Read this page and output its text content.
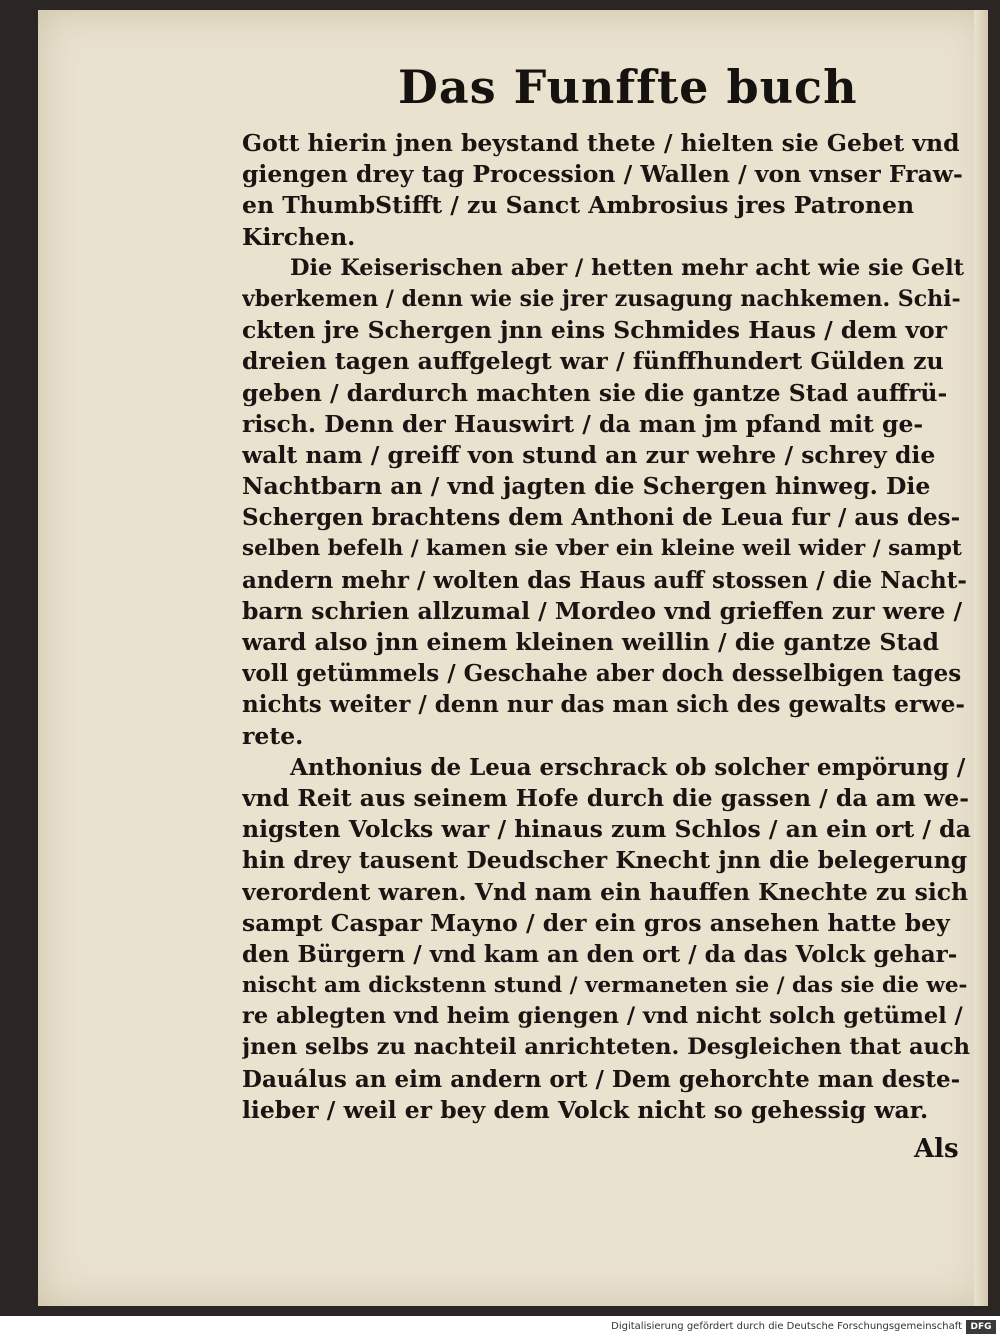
Das Funffte buch
Gott hierin jnen beystand thete / hielten sie Gebet vnd
giengen drey tag Procession / Wallen / von vnser Fraw-
en ThumbStifft / zu Sanct Ambrosius jres Patronen
Kirchen.
Die Keiserischen aber / hetten mehr acht wie sie Gelt
vberkemen / denn wie sie jrer zusagung nachkemen. Schi-
ckten jre Schergen jnn eins Schmides Haus / dem vor
dreien tagen auffgelegt war / fünffhundert Gülden zu
geben / dardurch machten sie die gantze Stad auffrü-
risch. Denn der Hauswirt / da man jm pfand mit ge-
walt nam / greiff von stund an zur wehre / schrey die
Nachtbarn an / vnd jagten die Schergen hinweg. Die
Schergen brachtens dem Anthoni de Leua fur / aus des-
selben befelh / kamen sie vber ein kleine weil wider / sampt
andern mehr / wolten das Haus auff stossen / die Nacht-
barn schrien allzumal / Mordeo vnd grieffen zur were /
ward also jnn einem kleinen weillin / die gantze Stad
voll getümmels / Geschahe aber doch desselbigen tages
nichts weiter / denn nur das man sich des gewalts erwe-
rete.
Anthonius de Leua erschrack ob solcher empörung /
vnd Reit aus seinem Hofe durch die gassen / da am we-
nigsten Volcks war / hinaus zum Schlos / an ein ort / da
hin drey tausent Deudscher Knecht jnn die belegerung
verordent waren. Vnd nam ein hauffen Knechte zu sich
sampt Caspar Mayno / der ein gros ansehen hatte bey
den Bürgern / vnd kam an den ort / da das Volck gehar-
nischt am dickstenn stund / vermaneten sie / das sie die we-
re ablegten vnd heim giengen / vnd nicht solch getümel /
jnen selbs zu nachteil anrichteten. Desgleichen that auch
Dauálus an eim andern ort / Dem gehorchte man deste-
lieber / weil er bey dem Volck nicht so gehessig war.
Als
Digitalisierung gefördert durch die Deutsche Forschungsgemeinschaft DFG
